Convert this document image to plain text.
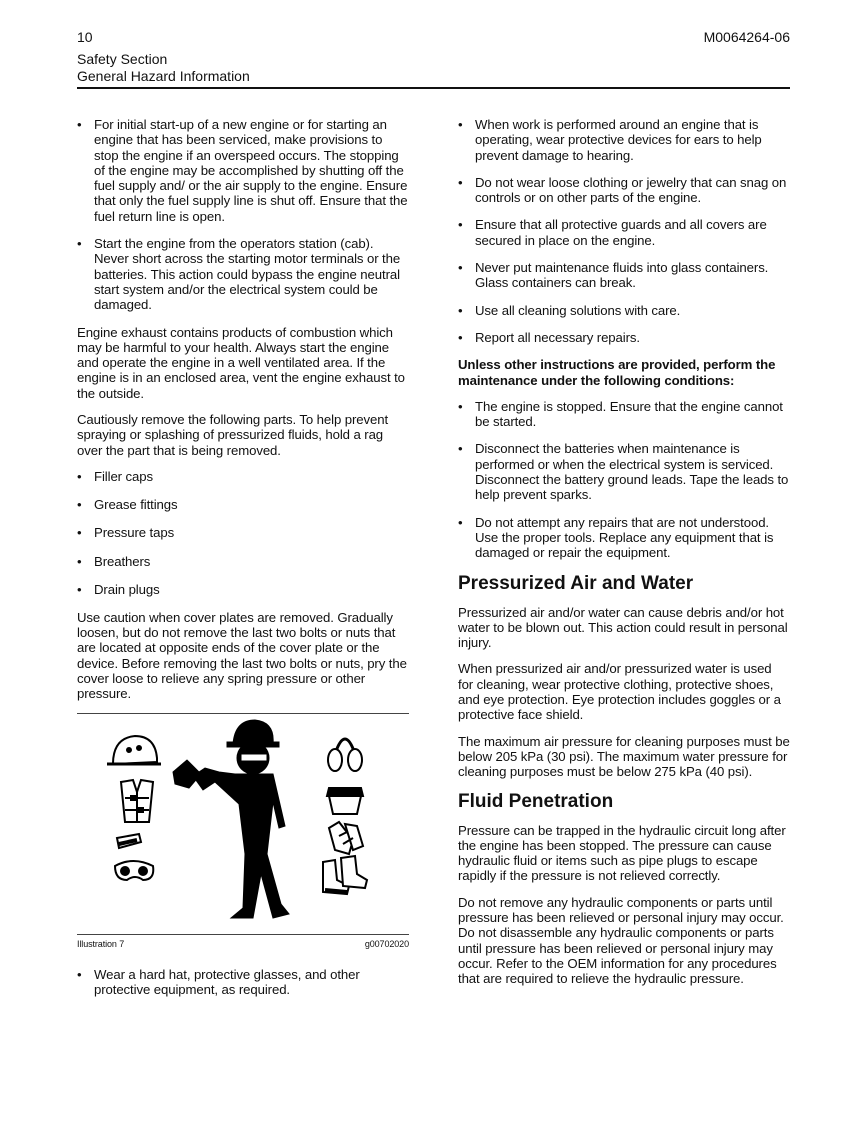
10	M0064264-06
Safety Section
General Hazard Information
• For initial start-up of a new engine or for starting an engine that has been serviced, make provisions to stop the engine if an overspeed occurs. The stopping of the engine may be accomplished by shutting off the fuel supply and/ or the air supply to the engine. Ensure that only the fuel supply line is shut off. Ensure that the fuel return line is open.
• Start the engine from the operators station (cab). Never short across the starting motor terminals or the batteries. This action could bypass the engine neutral start system and/or the electrical system could be damaged.

Engine exhaust contains products of combustion which may be harmful to your health. Always start the engine and operate the engine in a well ventilated area. If the engine is in an enclosed area, vent the engine exhaust to the outside.

Cautiously remove the following parts. To help prevent spraying or splashing of pressurized fluids, hold a rag over the part that is being removed.

• Filler caps
• Grease fittings
• Pressure taps
• Breathers
• Drain plugs

Use caution when cover plates are removed. Gradually loosen, but do not remove the last two bolts or nuts that are located at opposite ends of the cover plate or the device. Before removing the last two bolts or nuts, pry the cover loose to relieve any spring pressure or other pressure.

Illustration 7	g00702020
• Wear a hard hat, protective glasses, and other protective equipment, as required.
• When work is performed around an engine that is operating, wear protective devices for ears to help prevent damage to hearing.
• Do not wear loose clothing or jewelry that can snag on controls or on other parts of the engine.
• Ensure that all protective guards and all covers are secured in place on the engine.
• Never put maintenance fluids into glass containers. Glass containers can break.
• Use all cleaning solutions with care.
• Report all necessary repairs.

Unless other instructions are provided, perform the maintenance under the following conditions:

• The engine is stopped. Ensure that the engine cannot be started.
• Disconnect the batteries when maintenance is performed or when the electrical system is serviced. Disconnect the battery ground leads. Tape the leads to help prevent sparks.
• Do not attempt any repairs that are not understood. Use the proper tools. Replace any equipment that is damaged or repair the equipment.
Pressurized Air and Water

Pressurized air and/or water can cause debris and/or hot water to be blown out. This action could result in personal injury.

When pressurized air and/or pressurized water is used for cleaning, wear protective clothing, protective shoes, and eye protection. Eye protection includes goggles or a protective face shield.

The maximum air pressure for cleaning purposes must be below 205 kPa (30 psi). The maximum water pressure for cleaning purposes must be below 275 kPa (40 psi).

Fluid Penetration

Pressure can be trapped in the hydraulic circuit long after the engine has been stopped. The pressure can cause hydraulic fluid or items such as pipe plugs to escape rapidly if the pressure is not relieved correctly.

Do not remove any hydraulic components or parts until pressure has been relieved or personal injury may occur. Do not disassemble any hydraulic components or parts until pressure has been relieved or personal injury may occur. Refer to the OEM information for any procedures that are required to relieve the hydraulic pressure.
